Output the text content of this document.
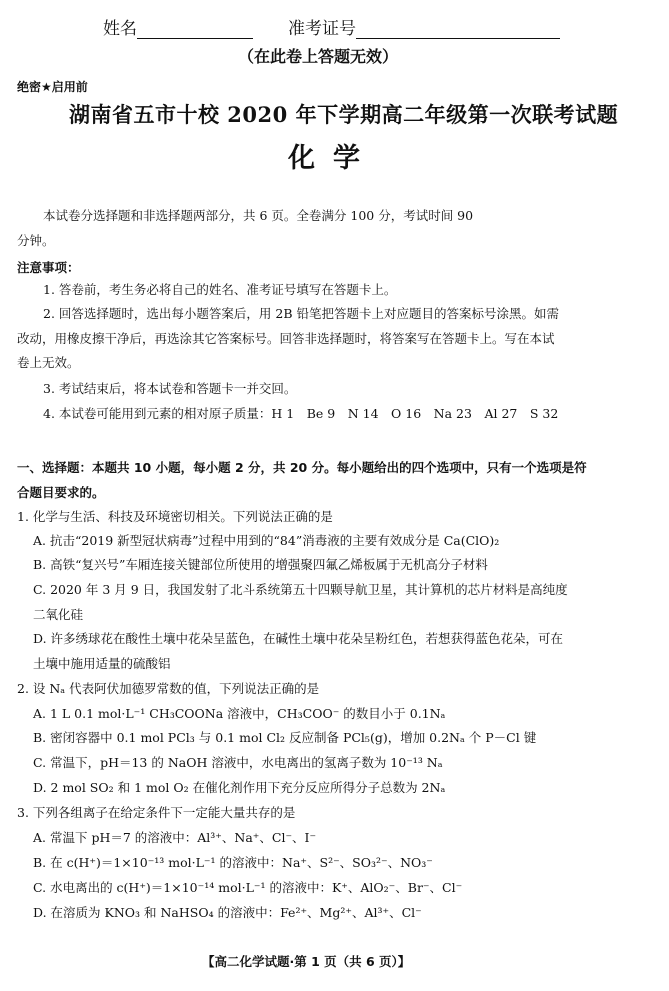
姓名	准考证号
（在此卷上答题无效）
绝密★启用前
湖南省五市十校 2020 年下学期高二年级第一次联考试题
化学
本试卷分选择题和非选择题两部分，共 6 页。全卷满分 100 分，考试时间 90
分钟。
注意事项：
1. 答卷前，考生务必将自己的姓名、准考证号填写在答题卡上。
2. 回答选择题时，选出每小题答案后，用 2B 铅笔把答题卡上对应题目的答案标号涂黑。如需
改动，用橡皮擦干净后，再选涂其它答案标号。回答非选择题时，将答案写在答题卡上。写在本试
卷上无效。
3. 考试结束后，将本试卷和答题卡一并交回。
4. 本试卷可能用到元素的相对原子质量：H 1　Be 9　N 14　O 16　Na 23　Al 27　S 32
一、选择题：本题共 10 小题，每小题 2 分，共 20 分。每小题给出的四个选项中，只有一个选项是符
合题目要求的。
1. 化学与生活、科技及环境密切相关。下列说法正确的是
A. 抗击“2019 新型冠状病毒”过程中用到的“84”消毒液的主要有效成分是 Ca(ClO)₂
B. 高铁“复兴号”车厢连接关键部位所使用的增强聚四氟乙烯板属于无机高分子材料
C. 2020 年 3 月 9 日，我国发射了北斗系统第五十四颗导航卫星，其计算机的芯片材料是高纯度
二氧化硅
D. 许多绣球花在酸性土壤中花朵呈蓝色，在碱性土壤中花朵呈粉红色，若想获得蓝色花朵，可在
土壤中施用适量的硫酸铝
2. 设 Nₐ 代表阿伏加德罗常数的值，下列说法正确的是
A. 1 L 0.1 mol·L⁻¹ CH₃COONa 溶液中，CH₃COO⁻ 的数目小于 0.1Nₐ
B. 密闭容器中 0.1 mol PCl₃ 与 0.1 mol Cl₂ 反应制备 PCl₅(g)，增加 0.2Nₐ 个 P－Cl 键
C. 常温下，pH＝13 的 NaOH 溶液中，水电离出的氢离子数为 10⁻¹³ Nₐ
D. 2 mol SO₂ 和 1 mol O₂ 在催化剂作用下充分反应所得分子总数为 2Nₐ
3. 下列各组离子在给定条件下一定能大量共存的是
A. 常温下 pH＝7 的溶液中：Al³⁺、Na⁺、Cl⁻、I⁻
B. 在 c(H⁺)＝1×10⁻¹³ mol·L⁻¹ 的溶液中：Na⁺、S²⁻、SO₃²⁻、NO₃⁻
C. 水电离出的 c(H⁺)＝1×10⁻¹⁴ mol·L⁻¹ 的溶液中：K⁺、AlO₂⁻、Br⁻、Cl⁻
D. 在溶质为 KNO₃ 和 NaHSO₄ 的溶液中：Fe²⁺、Mg²⁺、Al³⁺、Cl⁻
【高二化学试题·第 1 页（共 6 页）】
